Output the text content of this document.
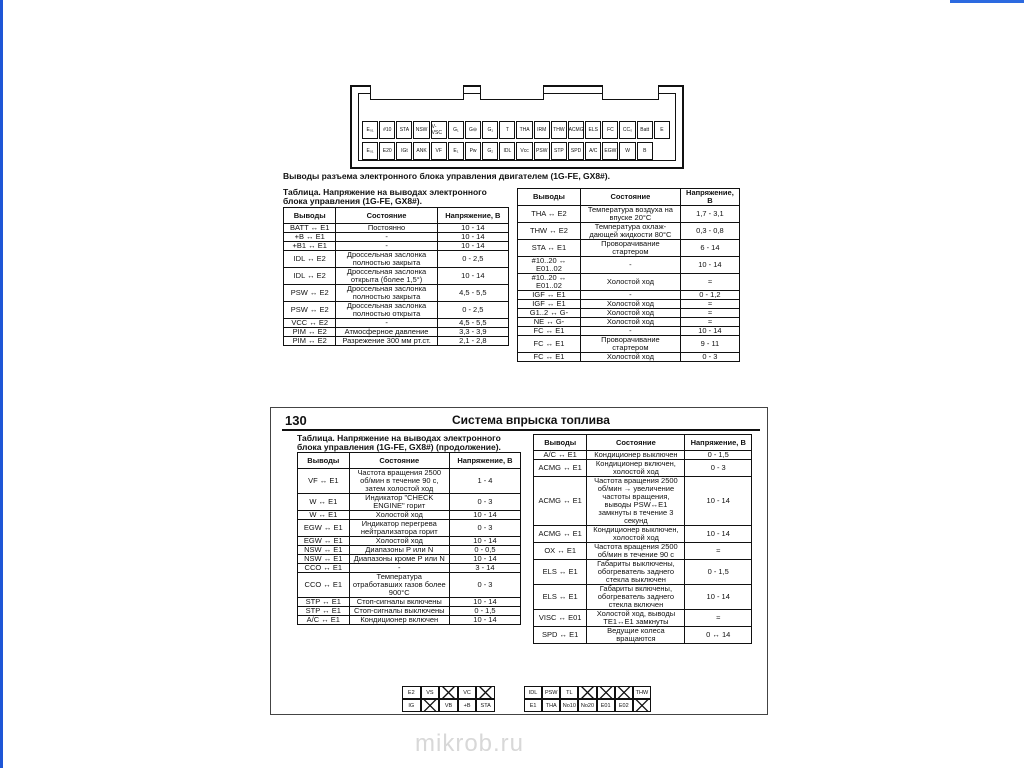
E₀₁	#10	STA	NSW V-VSC	G₁	G⊖	G₁	T	THA	IRM	THW ACMG ELS	FC	CC₀	Batt	E
E₀₁	E20	IGt	ANK	VF	E₁	Pw	G₂	IDL	Vcc	PSW	STP	SPD	A/C	EGW	W	B
Выводы разъема электронного блока управления двигателем (1G-FE, GX8#).
Таблица. Напряжение на выводах электронного блока управления (1G-FE, GX8#).
Выводы	Состояние	Напряжение, В
BATT ↔ E1	Постоянно	10 - 14
+B ↔ E1	-	10 - 14
+B1 ↔ E1	-	10 - 14
IDL ↔ E2	Дроссельная заслонка полностью закрыта	0 - 2,5
IDL ↔ E2	Дроссельная заслонка открыта (более 1,5°)	10 - 14
PSW ↔ E2	Дроссельная заслонка полностью закрыта	4,5 - 5,5
PSW ↔ E2	Дроссельная заслонка полностью открыта	0 - 2,5
VCC ↔ E2	-	4,5 - 5,5
PIM ↔ E2	Атмосферное давление	3,3 - 3,9
PIM ↔ E2	Разрежение 300 мм рт.ст.	2,1 - 2,8
Выводы	Состояние	Напряжение, В
THA ↔ E2	Температура воздуха на впуске 20°C	1,7 - 3,1
THW ↔ E2	Температура охлаж-дающей жидкости 80°C	0,3 - 0,8
STA ↔ E1	Проворачивание стартером	6 - 14
#10..20 ↔ E01..02	-	10 - 14
#10..20 ↔ E01..02	Холостой ход	≈
IGF ↔ E1	-	0 - 1,2
IGF ↔ E1	Холостой ход	≈
G1..2 ↔ G-	Холостой ход	≈
NE ↔ G-	Холостой ход	≈
FC ↔ E1	-	10 - 14
FC ↔ E1	Проворачивание стартером	9 - 11
FC ↔ E1	Холостой ход	0 - 3
130	Система впрыска топлива
Таблица. Напряжение на выводах электронного блока управления (1G-FE, GX8#) (продолжение).
Выводы	Состояние	Напряжение, В
VF ↔ E1	Частота вращения 2500 об/мин в течение 90 с, затем холостой ход	1 - 4
W ↔ E1	Индикатор "CHECK ENGINE" горит	0 - 3
W ↔ E1	Холостой ход	10 - 14
EGW ↔ E1	Индикатор перегрева нейтрализатора горит	0 - 3
EGW ↔ E1	Холостой ход	10 - 14
NSW ↔ E1	Диапазоны P или N	0 - 0,5
NSW ↔ E1	Диапазоны кроме P или N	10 - 14
CCO ↔ E1	-	3 - 14
CCO ↔ E1	Температура отработавших газов более 900°C	0 - 3
STP ↔ E1	Стоп-сигналы включены	10 - 14
STP ↔ E1	Стоп-сигналы выключены	0 - 1,5
A/C ↔ E1	Кондиционер включен	10 - 14
Выводы	Состояние	Напряжение, В
A/C ↔ E1	Кондиционер выключен	0 - 1,5
ACMG ↔ E1	Кондиционер включен, холостой ход	0 - 3
ACMG ↔ E1	Частота вращения 2500 об/мин → увеличение частоты вращения, выводы PSW↔E1 замкнуты в течение 3 секунд	10 - 14
ACMG ↔ E1	Кондиционер выключен, холостой ход	10 - 14
OX ↔ E1	Частота вращения 2500 об/мин в течение 90 с	≈
ELS ↔ E1	Габариты выключены, обогреватель заднего стекла выключен	0 - 1,5
ELS ↔ E1	Габариты включены, обогреватель заднего стекла включен	10 - 14
VISC ↔ E01	Холостой ход, выводы TE1↔E1 замкнуты	≈
SPD ↔ E1	Ведущие колеса вращаются	0 ↔ 14
E2	VS	VC
IG	VB	+B	STA
IDL	PSW	TL	THW
E1	THA	No10 No20	E01	E02
mikrob.ru
